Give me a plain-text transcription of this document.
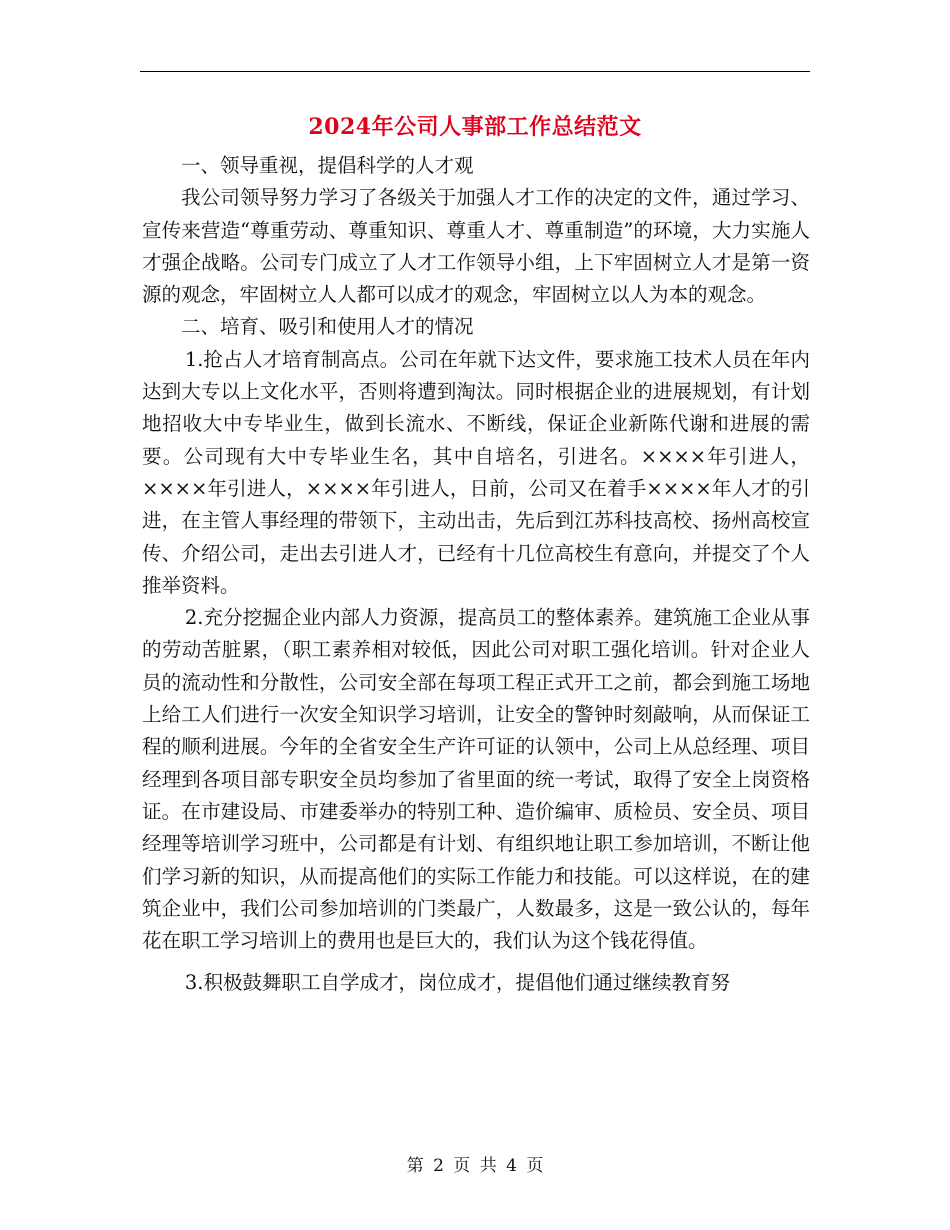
2024年公司人事部工作总结范文

一、领导重视，提倡科学的人才观

我公司领导努力学习了各级关于加强人才工作的决定的文件，通过学习、宣传来营造“尊重劳动、尊重知识、尊重人才、尊重制造”的环境，大力实施人才强企战略。公司专门成立了人才工作领导小组，上下牢固树立人才是第一资源的观念，牢固树立人人都可以成才的观念，牢固树立以人为本的观念。

二、培育、吸引和使用人才的情况

1.抢占人才培育制高点。公司在年就下达文件，要求施工技术人员在年内达到大专以上文化水平，否则将遭到淘汰。同时根据企业的进展规划，有计划地招收大中专毕业生，做到长流水、不断线，保证企业新陈代谢和进展的需要。公司现有大中专毕业生名，其中自培名，引进名。××××年引进人，××××年引进人，××××年引进人，日前，公司又在着手××××年人才的引进，在主管人事经理的带领下，主动出击，先后到江苏科技高校、扬州高校宣传、介绍公司，走出去引进人才，已经有十几位高校生有意向，并提交了个人推举资料。

2.充分挖掘企业内部人力资源，提高员工的整体素养。建筑施工企业从事的劳动苦脏累，（职工素养相对较低，因此公司对职工强化培训。针对企业人员的流动性和分散性，公司安全部在每项工程正式开工之前，都会到施工场地上给工人们进行一次安全知识学习培训，让安全的警钟时刻敲响，从而保证工程的顺利进展。今年的全省安全生产许可证的认领中，公司上从总经理、项目经理到各项目部专职安全员均参加了省里面的统一考试，取得了安全上岗资格证。在市建设局、市建委举办的特别工种、造价编审、质检员、安全员、项目经理等培训学习班中，公司都是有计划、有组织地让职工参加培训，不断让他们学习新的知识，从而提高他们的实际工作能力和技能。可以这样说，在的建筑企业中，我们公司参加培训的门类最广，人数最多，这是一致公认的，每年花在职工学习培训上的费用也是巨大的，我们认为这个钱花得值。

3.积极鼓舞职工自学成才，岗位成才，提倡他们通过继续教育努

第 2 页 共 4 页
